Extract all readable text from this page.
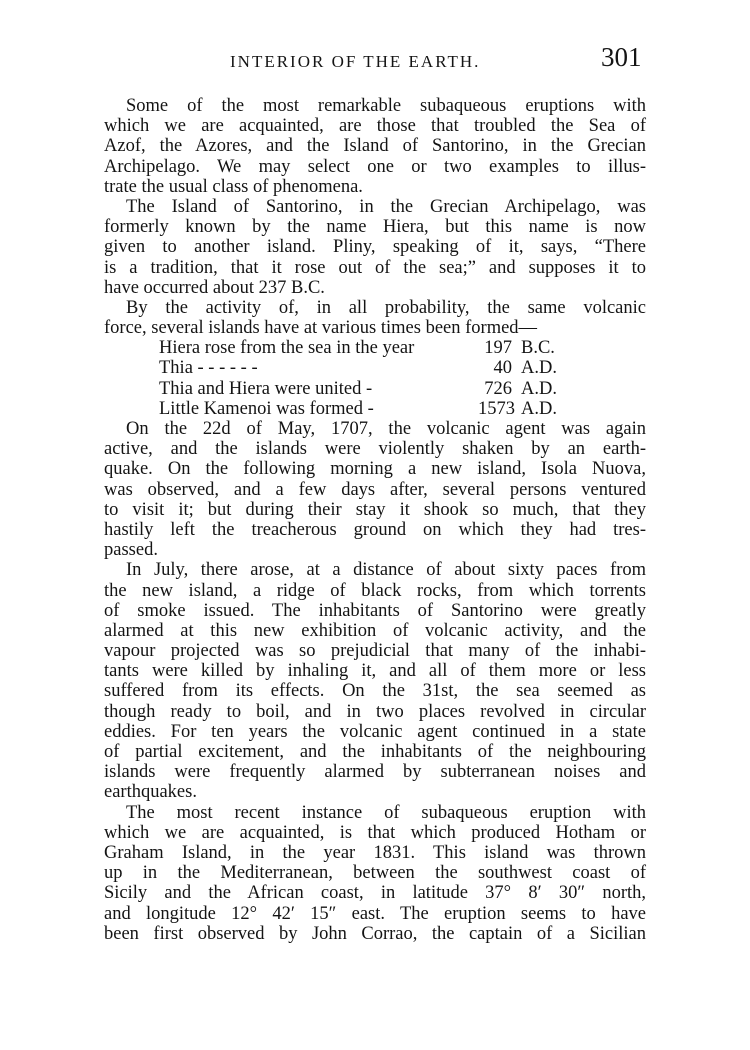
INTERIOR OF THE EARTH.	301
Some of the most remarkable subaqueous eruptions with
which we are acquainted, are those that troubled the Sea of
Azof, the Azores, and the Island of Santorino, in the Grecian
Archipelago. We may select one or two examples to illus-
trate the usual class of phenomena.
The Island of Santorino, in the Grecian Archipelago, was
formerly known by the name Hiera, but this name is now
given to another island. Pliny, speaking of it, says, “There
is a tradition, that it rose out of the sea;” and supposes it to
have occurred about 237 B.C.
By the activity of, in all probability, the same volcanic
force, several islands have at various times been formed—
Hiera rose from the sea in the year	197 B.C.
Thia - - - - - -	40 A.D.
Thia and Hiera were united -	726 A.D.
Little Kamenoi was formed -	1573 A.D.
On the 22d of May, 1707, the volcanic agent was again
active, and the islands were violently shaken by an earth-
quake. On the following morning a new island, Isola Nuova,
was observed, and a few days after, several persons ventured
to visit it; but during their stay it shook so much, that they
hastily left the treacherous ground on which they had tres-
passed.
In July, there arose, at a distance of about sixty paces from
the new island, a ridge of black rocks, from which torrents
of smoke issued. The inhabitants of Santorino were greatly
alarmed at this new exhibition of volcanic activity, and the
vapour projected was so prejudicial that many of the inhabi-
tants were killed by inhaling it, and all of them more or less
suffered from its effects. On the 31st, the sea seemed as
though ready to boil, and in two places revolved in circular
eddies. For ten years the volcanic agent continued in a state
of partial excitement, and the inhabitants of the neighbouring
islands were frequently alarmed by subterranean noises and
earthquakes.
The most recent instance of subaqueous eruption with
which we are acquainted, is that which produced Hotham or
Graham Island, in the year 1831. This island was thrown
up in the Mediterranean, between the southwest coast of
Sicily and the African coast, in latitude 37° 8′ 30″ north,
and longitude 12° 42′ 15″ east. The eruption seems to have
been first observed by John Corrao, the captain of a Sicilian
